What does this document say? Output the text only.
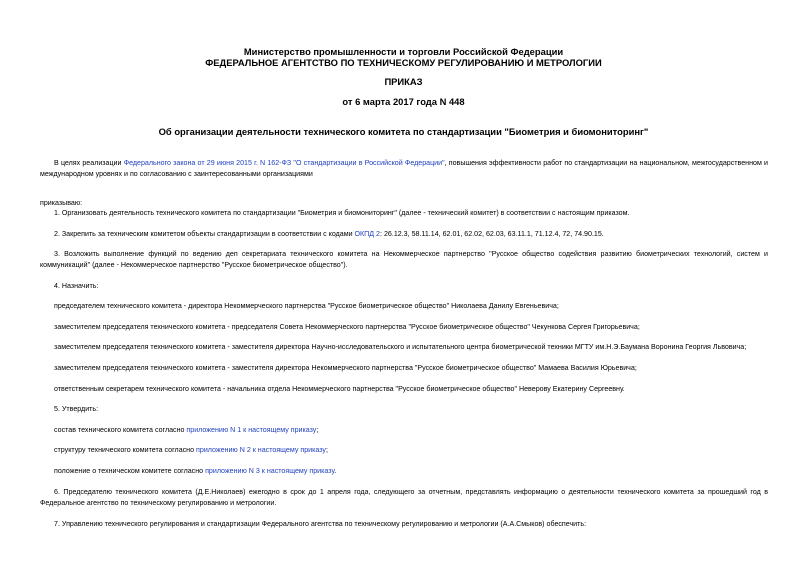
Министерство промышленности и торговли Российской Федерации
ФЕДЕРАЛЬНОЕ АГЕНТСТВО ПО ТЕХНИЧЕСКОМУ РЕГУЛИРОВАНИЮ И МЕТРОЛОГИИ
ПРИКАЗ
от 6 марта 2017 года N 448
Об организации деятельности технического комитета по стандартизации "Биометрия и биомониторинг"
В целях реализации Федерального закона от 29 июня 2015 г. N 162-ФЗ "О стандартизации в Российской Федерации", повышения эффективности работ по стандартизации на национальном, межгосударственном и международном уровнях и по согласованию с заинтересованными организациями
приказываю:
1. Организовать деятельность технического комитета по стандартизации "Биометрия и биомониторинг" (далее - технический комитет) в соответствии с настоящим приказом.
2. Закрепить за техническим комитетом объекты стандартизации в соответствии с кодами ОКПД 2: 26.12.3, 58.11.14, 62.01, 62.02, 62.03, 63.11.1, 71.12.4, 72, 74.90.15.
3. Возложить выполнение функций по ведению деп секретариата технического комитета на Некоммерческое партнерство "Русское общество содействия развитию биометрических технологий, систем и коммуникаций" (далее - Некоммерческое партнерство "Русское биометрическое общество").
4. Назначить:
председателем технического комитета - директора Некоммерческого партнерства "Русское биометрическое общество" Николаева Данилу Евгеньевича;
заместителем председателя технического комитета - председателя Совета Некоммерческого партнерства "Русское биометрическое общество" Чекункова Сергея Григорьевича;
заместителем председателя технического комитета - заместителя директора Научно-исследовательского и испытательного центра биометрической техники МГТУ им.Н.Э.Баумана Воронина Георгия Львовича;
заместителем председателя технического комитета - заместителя директора Некоммерческого партнерства "Русское биометрическое общество" Мамаева Василия Юрьевича;
ответственным секретарем технического комитета - начальника отдела Некоммерческого партнерства "Русское биометрическое общество" Неверову Екатерину Сергеевну.
5. Утвердить:
состав технического комитета согласно приложению N 1 к настоящему приказу;
структуру технического комитета согласно приложению N 2 к настоящему приказу;
положение о техническом комитете согласно приложению N 3 к настоящему приказу.
6. Председателю технического комитета (Д.Е.Николаев) ежегодно в срок до 1 апреля года, следующего за отчетным, представлять информацию о деятельности технического комитета за прошедший год в Федеральное агентство по техническому регулированию и метрологии.
7. Управлению технического регулирования и стандартизации Федерального агентства по техническому регулированию и метрологии (А.А.Смыков) обеспечить:
